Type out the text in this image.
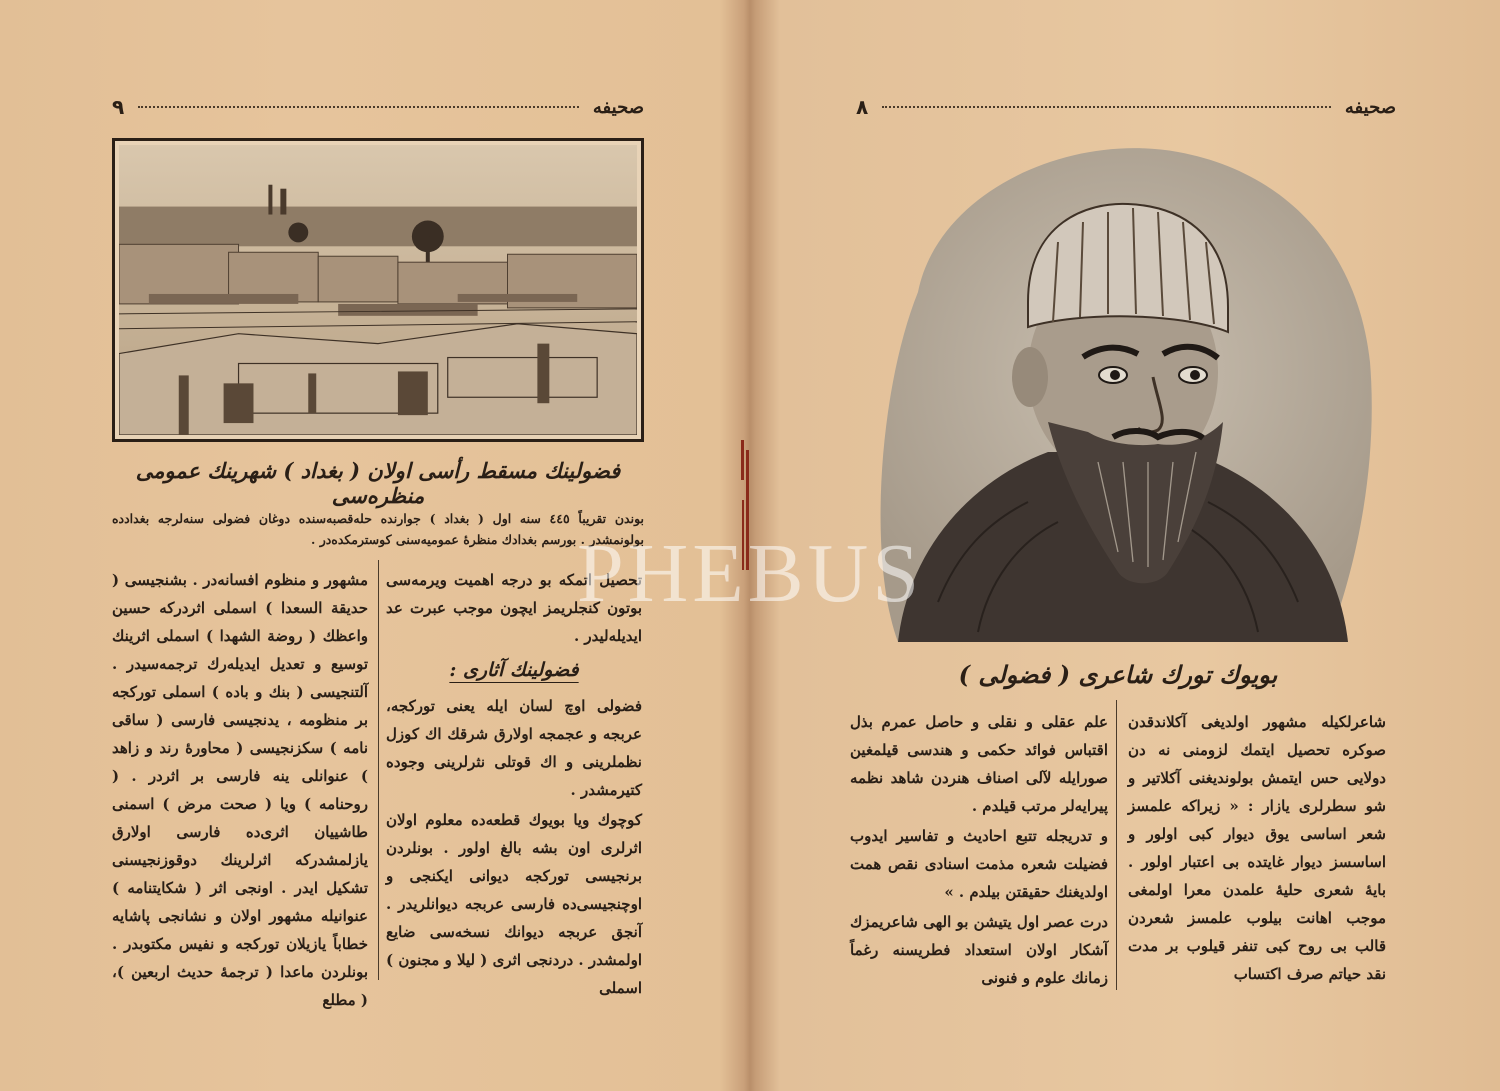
صحیفه
٩
فضولینك مسقط رأسی اولان ( بغداد ) شهرینك عمومی منظره‌سی
بوندن تقریباً ٤٤٥ سنه اول ( بغداد ) جوارنده حله‌قصبه‌سنده دوغان فضولی سنه‌لرجه بغدادده بولونمشدر . بورسم بغدادك منظرهٔ عمومیه‌سنی کوسترمکده‌در .

تحصیل اتمکه بو درجه اهمیت ویرمه‌سی بوتون کنجلریمز ایچون موجب عبرت عد ایدیله‌لیدر .

فضولینك آثاری :

فضولی اوچ لسان ایله یعنی تورکجه، عربجه و عجمجه اولارق شرقك اك کوزل نظملرینی و اك قوتلی نثرلرینی وجوده کتیرمشدر .

کوچوك ویا بویوك قطعه‌ده معلوم اولان اثرلری اون بشه بالغ اولور . بونلردن برنجیسی تورکجه دیوانی ایکنجی و اوچنجیسی‌ده فارسی عربجه دیوانلریدر . آنجق عربجه دیوانك نسخه‌سی ضایع اولمشدر . دردنجی اثری ( لیلا و مجنون ) اسملی

مشهور و منظوم افسانه‌در . بشنجیسی ( حدیقة السعدا ) اسملی اثردرکه حسین واعظك ( روضة الشهدا ) اسملی اثرینك توسیع و تعدیل ایدیله‌رك ترجمه‌سیدر . آلتنجیسی ( بنك و باده ) اسملی تورکجه بر منظومه ، یدنجیسی فارسی ( ساقی نامه ) سکزنجیسی ( محاورهٔ رند و زاهد ) عنوانلی ینه فارسی بر اثردر . ( روحنامه ) ویا ( صحت مرض ) اسمنی طاشییان اثری‌ده فارسی اولارق یازلمشدرکه اثرلرینك دوقوزنجیسنی تشکیل ایدر . اونجی اثر ( شکایتنامه ) عنوانیله مشهور اولان و نشانجی پاشایه خطاباً یازیلان تورکجه و نفیس مکتوبدر . بونلردن ماعدا ( ترجمهٔ حدیث اربعین )، ( مطلع

صحیفه
٨
بویوك تورك شاعری ( فضولی )

شاعرلکیله مشهور اولدیغی آکلاندقدن صوکره تحصیل ایتمك لزومنی نه دن دولایی حس ایتمش بولوندیغنی آکلاتیر و شو سطرلری یازار : « زیراکه علمسز شعر اساسی یوق دیوار کبی اولور و اساسسز دیوار غایتده بی اعتبار اولور . بایهٔ شعری حلیهٔ علمدن معرا اولمغی موجب اهانت بیلوب علمسز شعردن قالب بی روح کبی تنفر قیلوب بر مدت نقد حیاتم صرف اکتساب

علم عقلی و نقلی و حاصل عمرم بذل اقتباس فوائد حکمی و هندسی قیلمغین صورایله لآلی اصناف هنردن شاهد نظمه پیرایه‌لر مرتب قیلدم .

و تدریجله تتبع احادیث و تفاسیر ایدوب فضیلت شعره مذمت اسنادی نقص همت اولدیغنك حقیقتن بیلدم . »

درت عصر اول یتیشن بو الهی شاعریمزك آشکار اولان استعداد فطریسنه رغماً زمانك علوم و فنونی

PHEBUS
